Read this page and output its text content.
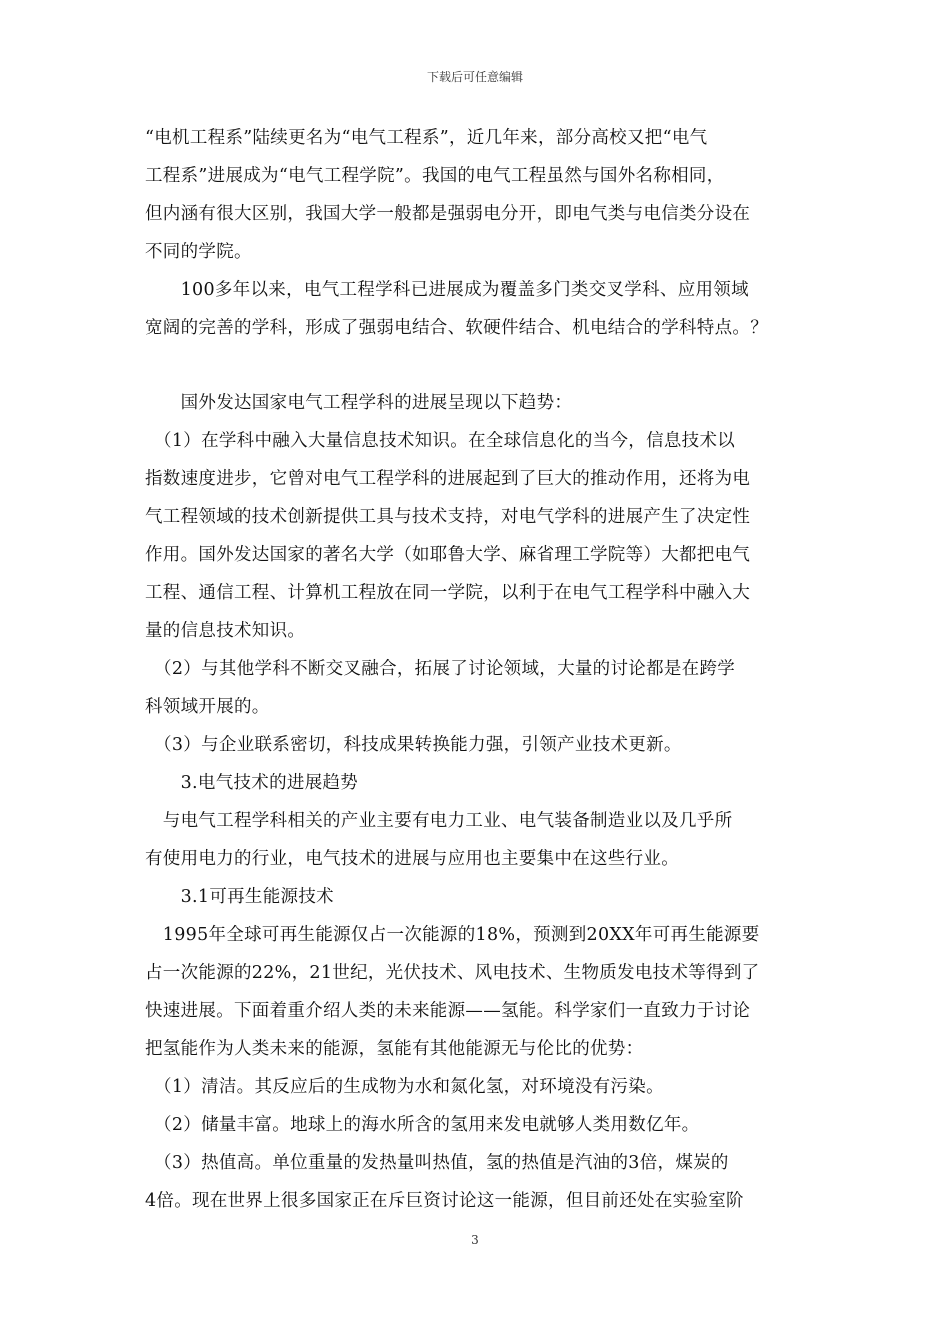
下载后可任意编辑
“电机工程系”陆续更名为“电气工程系”，近几年来，部分高校又把“电气
工程系”进展成为“电气工程学院”。我国的电气工程虽然与国外名称相同，
但内涵有很大区别，我国大学一般都是强弱电分开，即电气类与电信类分设在
不同的学院。
　　100多年以来，电气工程学科已进展成为覆盖多门类交叉学科、应用领域
宽阔的完善的学科，形成了强弱电结合、软硬件结合、机电结合的学科特点。？
　　国外发达国家电气工程学科的进展呈现以下趋势：
　（1）在学科中融入大量信息技术知识。在全球信息化的当今，信息技术以
指数速度进步，它曾对电气工程学科的进展起到了巨大的推动作用，还将为电
气工程领域的技术创新提供工具与技术支持，对电气学科的进展产生了决定性
作用。国外发达国家的著名大学（如耶鲁大学、麻省理工学院等）大都把电气
工程、通信工程、计算机工程放在同一学院，以利于在电气工程学科中融入大
量的信息技术知识。
　（2）与其他学科不断交叉融合，拓展了讨论领域，大量的讨论都是在跨学
科领域开展的。
　（3）与企业联系密切，科技成果转换能力强，引领产业技术更新。
　　3.电气技术的进展趋势
　与电气工程学科相关的产业主要有电力工业、电气装备制造业以及几乎所
有使用电力的行业，电气技术的进展与应用也主要集中在这些行业。
　　3.1可再生能源技术
　1995年全球可再生能源仅占一次能源的18%，预测到20XX年可再生能源要
占一次能源的22%，21世纪，光伏技术、风电技术、生物质发电技术等得到了
快速进展。下面着重介绍人类的未来能源——氢能。科学家们一直致力于讨论
把氢能作为人类未来的能源，氢能有其他能源无与伦比的优势：
　（1）清洁。其反应后的生成物为水和氮化氢，对环境没有污染。
　（2）储量丰富。地球上的海水所含的氢用来发电就够人类用数亿年。
　（3）热值高。单位重量的发热量叫热值，氢的热值是汽油的3倍，煤炭的
4倍。现在世界上很多国家正在斥巨资讨论这一能源，但目前还处在实验室阶
3
